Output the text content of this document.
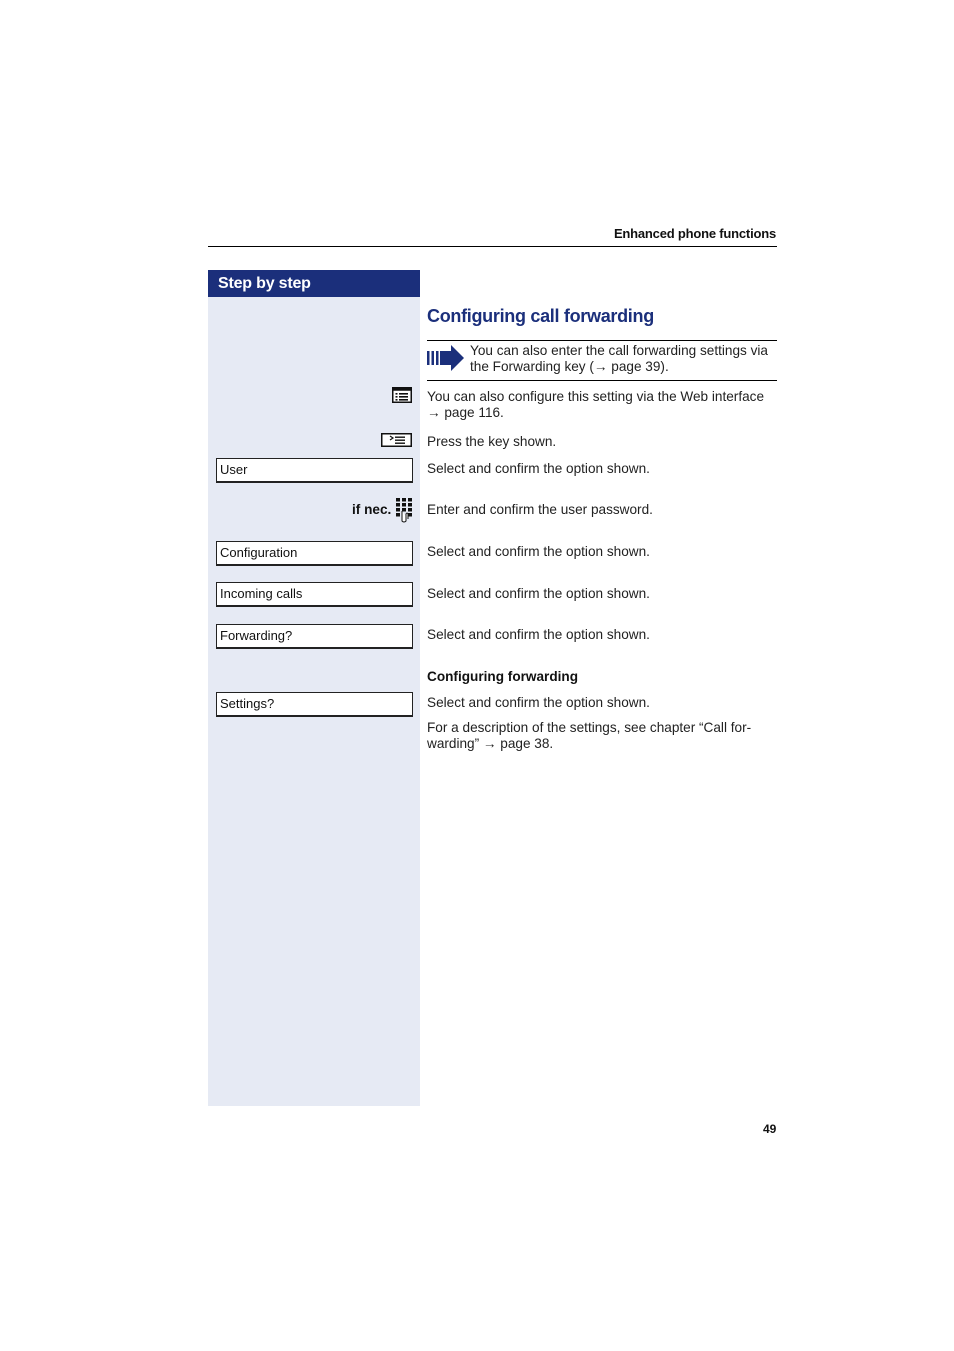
Enhanced phone functions
Step by step
Configuring call forwarding
You can also enter the call forwarding settings via the Forwarding key (→ page 39).
You can also configure this setting via the Web interface → page 116.
Press the key shown.
User	Select and confirm the option shown.
if nec.	Enter and confirm the user password.
Configuration	Select and confirm the option shown.
Incoming calls	Select and confirm the option shown.
Forwarding?	Select and confirm the option shown.
Configuring forwarding
Settings?	Select and confirm the option shown.
For a description of the settings, see chapter “Call for-warding” → page 38.
49
